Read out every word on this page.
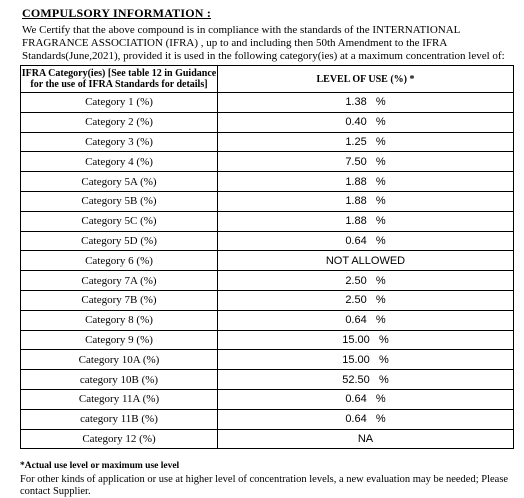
COMPULSORY INFORMATION :
We Certify that the above compound is in compliance with the standards of the INTERNATIONAL FRAGRANCE ASSOCIATION (IFRA) , up to and including then 50th Amendment to the IFRA Standards(June,2021), provided it is used in the following category(ies) at a maximum concentration level of:
IFRA Category(ies) [See table 12 in Guidance for the use of IFRA Standards for details]	LEVEL OF USE (%) *
Category 1 (%)	1.38   %
Category 2 (%)	0.40   %
Category 3 (%)	1.25   %
Category 4 (%)	7.50   %
Category 5A (%)	1.88   %
Category 5B (%)	1.88   %
Category 5C (%)	1.88   %
Category 5D (%)	0.64   %
Category 6 (%)	NOT ALLOWED
Category 7A (%)	2.50   %
Category 7B (%)	2.50   %
Category 8 (%)	0.64   %
Category 9 (%)	15.00   %
Category 10A (%)	15.00   %
category 10B (%)	52.50   %
Category 11A (%)	0.64   %
category 11B (%)	0.64   %
Category 12 (%)	NA
*Actual use level or maximum use level
For other kinds of application or use at higher level of concentration levels, a new evaluation may be needed; Please contact Supplier.
